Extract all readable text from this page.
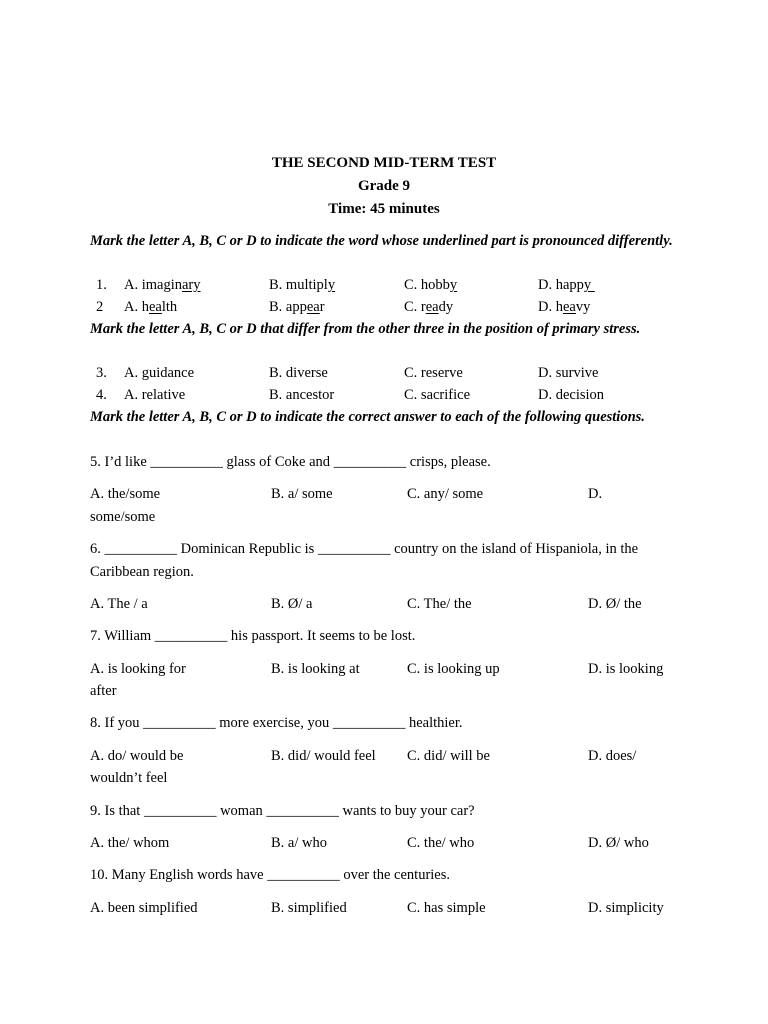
THE SECOND MID-TERM TEST
Grade 9
Time: 45 minutes
Mark the letter A, B, C or D to indicate the word whose underlined part is pronounced differently.
1. A. imaginary	B. multiply	C. hobby	D. happy
2 A. health	B. appear	C. ready	D. heavy
Mark the letter A, B, C or D that differ from the other three in the position of primary stress.
3. A. guidance	B. diverse	C. reserve	D. survive
4. A. relative	B. ancestor	C. sacrifice	D. decision
Mark the letter A, B, C or D to indicate the correct answer to each of the following questions.
5. I’d like __________ glass of Coke and __________ crisps, please.
A. the/some	B. a/ some	C. any/ some	D.
some/some
6. __________ Dominican Republic is __________ country on the island of Hispaniola, in the Caribbean region.
A. The / a	B. Ø/ a	C. The/ the	D. Ø/ the
7. William __________ his passport. It seems to be lost.
A. is looking for	B. is looking at	C. is looking up	D. is looking
after
8. If you __________ more exercise, you __________ healthier.
A. do/ would be	B. did/ would feel C. did/ will be	D. does/
wouldn’t feel
9. Is that __________ woman __________ wants to buy your car?
A. the/ whom	B. a/ who	C. the/ who	D. Ø/ who
10. Many English words have __________ over the centuries.
A. been simplified	B. simplified	C. has simple	D. simplicity
